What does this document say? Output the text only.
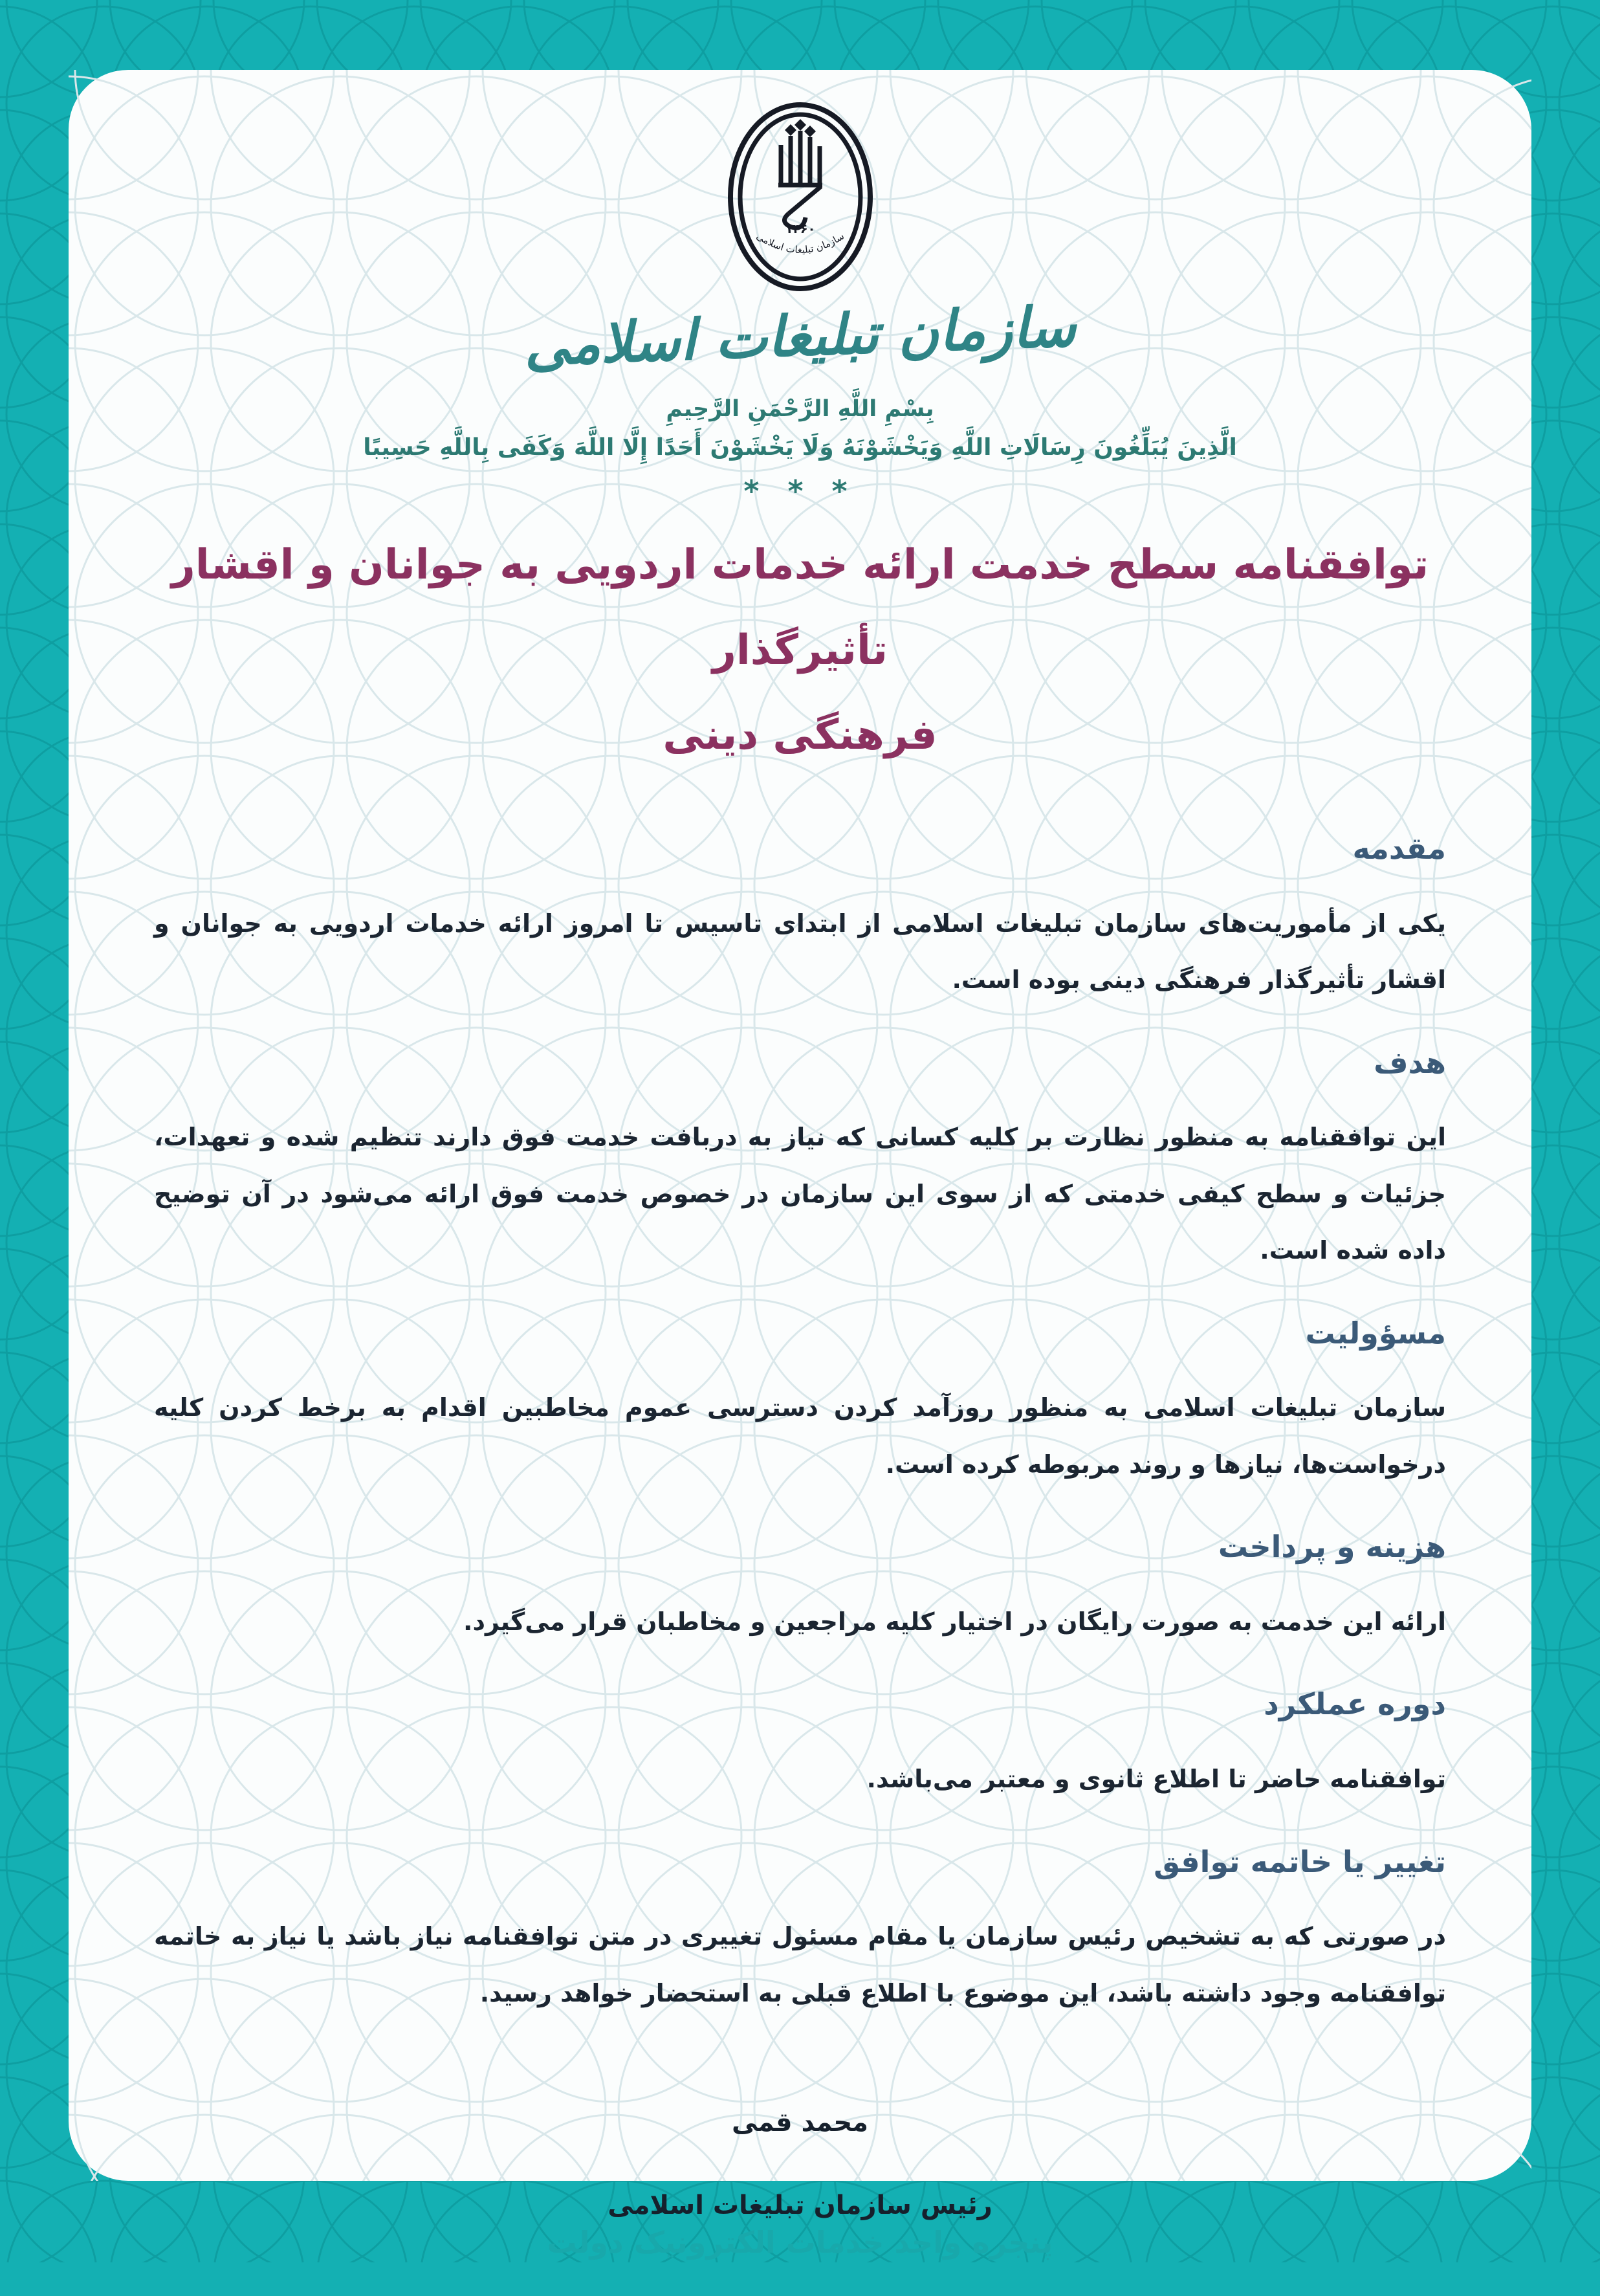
۱۳۶۰
سازمان تبلیغات اسلامی
سازمان تبلیغات اسلامی
بِسْمِ اللَّهِ الرَّحْمَنِ الرَّحِيمِ
الَّذِينَ يُبَلِّغُونَ رِسَالَاتِ اللَّهِ وَيَخْشَوْنَهُ وَلَا يَخْشَوْنَ أَحَدًا إِلَّا اللَّهَ وَكَفَى بِاللَّهِ حَسِيبًا
* * *
توافقنامه سطح خدمت ارائه خدمات اردویی به جوانان و اقشار تأثیرگذار
فرهنگی دینی
مقدمه

یکی از مأموریت‌های سازمان تبلیغات اسلامی از ابتدای تاسیس تا امروز ارائه خدمات اردویی به جوانان و اقشار تأثیرگذار فرهنگی دینی بوده است.

هدف

این توافقنامه به منظور نظارت بر کلیه کسانی که نیاز به دربافت خدمت فوق دارند تنظیم شده و تعهدات، جزئیات و سطح کیفی خدمتی که از سوی این سازمان در خصوص خدمت فوق ارائه می‌شود در آن توضیح داده شده است.

مسؤولیت

سازمان تبلیغات اسلامی به منظور روزآمد کردن دسترسی عموم مخاطبین اقدام به برخط کردن کلیه درخواست‌ها، نیازها و روند مربوطه کرده است.

هزینه و پرداخت

ارائه این خدمت به صورت رایگان در اختیار کلیه مراجعین و مخاطبان قرار می‌گیرد.

دوره عملکرد

توافقنامه حاضر تا اطلاع ثانوی و معتبر می‌باشد.

تغییر یا خاتمه توافق

در صورتی که به تشخیص رئیس سازمان یا مقام مسئول تغییری در متن توافقنامه نیاز باشد یا نیاز به خاتمه توافقنامه وجود داشته باشد، این موضوع با اطلاع قبلی به استحضار خواهد رسید.

محمد قمی
رئیس سازمان تبلیغات اسلامی
پنجره واحد خدمات الکترونیک دولت
